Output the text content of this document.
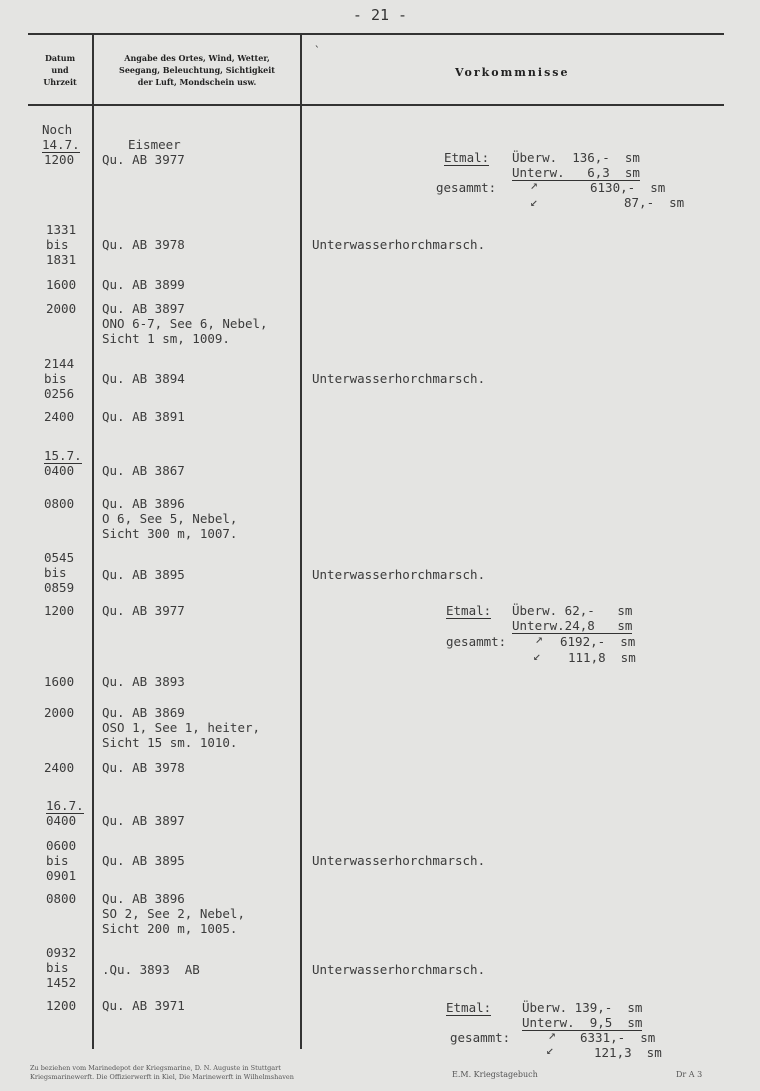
- 21 -
Datum
und
Uhrzeit
Angabe des Ortes, Wind, Wetter,
Seegang, Beleuchtung, Sichtigkeit
der Luft, Mondschein usw.
Vorkommnisse
`
Noch
14.7.
1200
Eismeer
Qu. AB 3977	Etmal: Überw.  136,-  sm
Unterw.   6,3  sm
gesammt:	↗	6130,-  sm
↙	87,-  sm
1331
bis
1831
Qu. AB 3978	Unterwasserhorchmarsch.
1600 Qu. AB 3899
2000 Qu. AB 3897
ONO 6-7, See 6, Nebel,
Sicht 1 sm, 1009.
2144
bis
0256
Qu. AB 3894	Unterwasserhorchmarsch.
2400 Qu. AB 3891
15.7.
0400 Qu. AB 3867
0800 Qu. AB 3896
O 6, See 5, Nebel,
Sicht 300 m, 1007.
0545
bis
0859
Qu. AB 3895	Unterwasserhorchmarsch.
1200 Qu. AB 3977	Etmal: Überw. 62,-   sm
Unterw.24,8   sm
gesammt: ↗ 6192,-  sm
↙ 111,8  sm
1600 Qu. AB 3893
2000 Qu. AB 3869
OSO 1, See 1, heiter,
Sicht 15 sm. 1010.
2400 Qu. AB 3978
16.7.
0400 Qu. AB 3897
0600
bis
0901
Qu. AB 3895	Unterwasserhorchmarsch.
0800 Qu. AB 3896
SO 2, See 2, Nebel,
Sicht 200 m, 1005.
0932
bis
1452
.Qu. 3893  AB	Unterwasserhorchmarsch.
1200 Qu. AB 3971	Etmal: Überw. 139,-  sm
Unterw.  9,5  sm
gesammt:	↗ 6331,-  sm
↙	121,3  sm
Zu beziehen vom Marinedepot der Kriegsmarine, D. N. Auguste in Stuttgart
Kriegsmarinewerft. Die Offizierwerft in Kiel, Die Marinewerft in Wilhelmshaven	E.M. Kriegstagebuch	Dr A 3
